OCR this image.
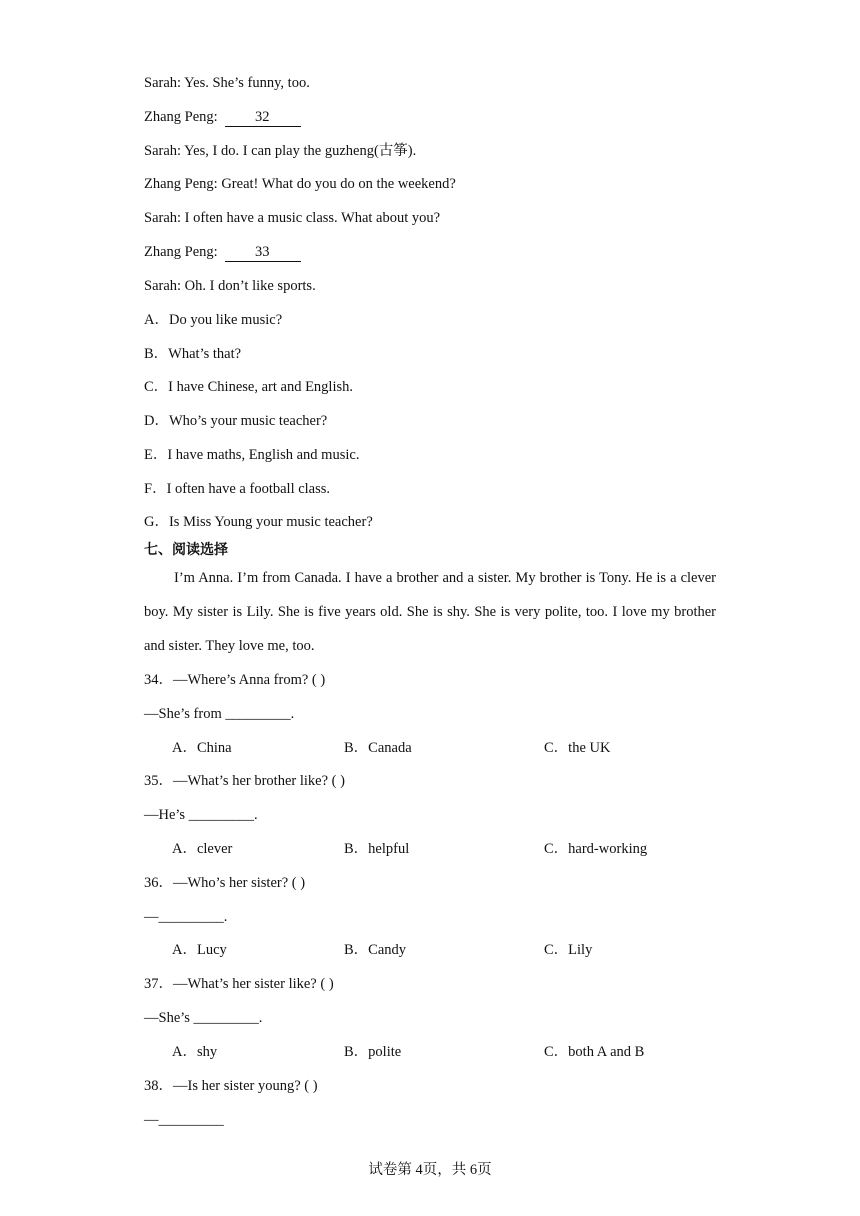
Sarah: Yes. She’s funny, too.
Zhang Peng:	32
Sarah: Yes, I do. I can play the guzheng(古筝).
Zhang Peng: Great! What do you do on the weekend?
Sarah: I often have a music class. What about you?
Zhang Peng:	33
Sarah: Oh. I don’t like sports.
A．Do you like music?
B．What’s that?
C．I have Chinese, art and English.
D．Who’s your music teacher?
E．I have maths, English and music.
F．I often have a football class.
G．Is Miss Young your music teacher?
七、阅读选择
I’m Anna. I’m from Canada. I have a brother and a sister. My brother is Tony. He is a clever boy. My sister is Lily. She is five years old. She is shy. She is very polite, too. I love my brother and sister. They love me, too.
34．—Where’s Anna from? ( )
—She’s from _________.
A．China	B．Canada	C．the UK
35．—What’s her brother like? ( )
—He’s _________.
A．clever	B．helpful	C．hard-working
36．—Who’s her sister? ( )
—_________.
A．Lucy	B．Candy	C．Lily
37．—What’s her sister like? ( )
—She’s _________.
A．shy	B．polite	C．both A and B
38．—Is her sister young? ( )
—_________
试卷第 4页，共 6页
